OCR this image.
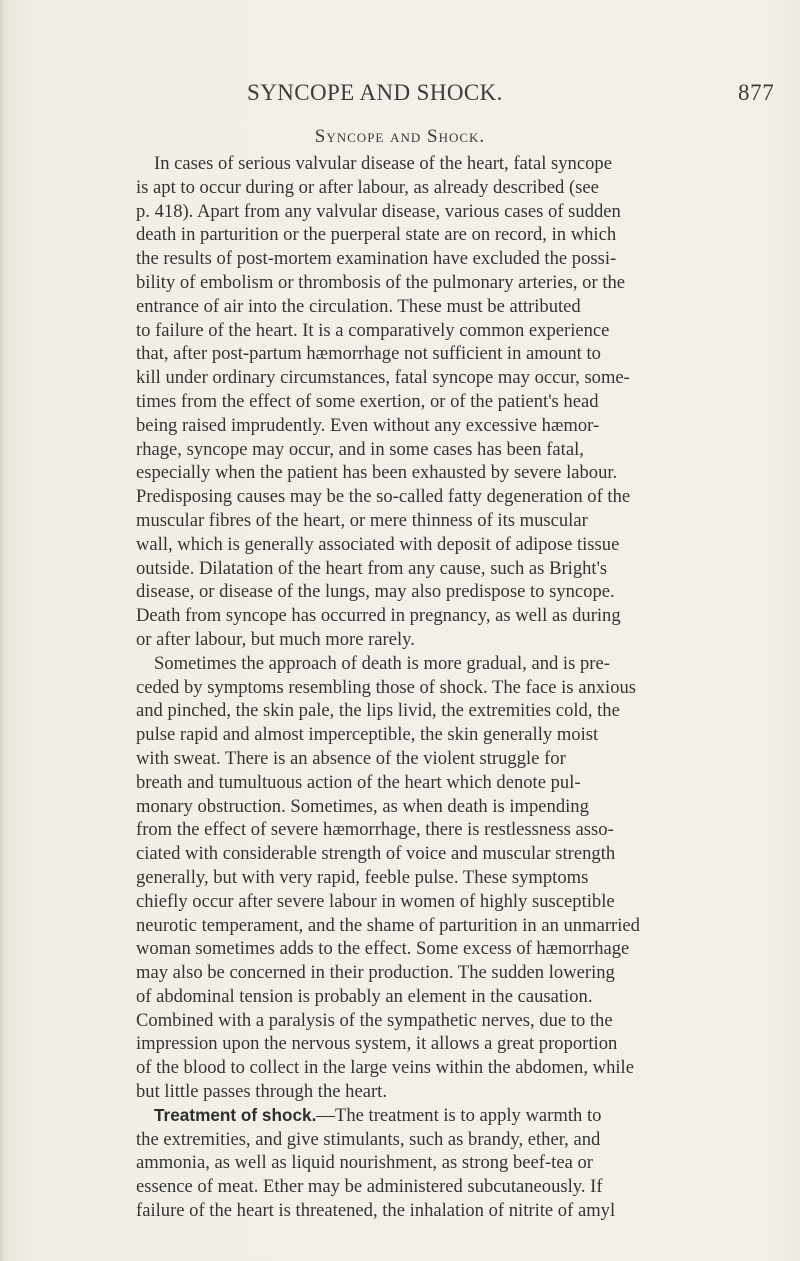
SYNCOPE AND SHOCK.	877
Syncope and Shock.
In cases of serious valvular disease of the heart, fatal syncope
is apt to occur during or after labour, as already described (see
p. 418). Apart from any valvular disease, various cases of sudden
death in parturition or the puerperal state are on record, in which
the results of post-mortem examination have excluded the possi-
bility of embolism or thrombosis of the pulmonary arteries, or the
entrance of air into the circulation. These must be attributed
to failure of the heart. It is a comparatively common experience
that, after post-partum hæmorrhage not sufficient in amount to
kill under ordinary circumstances, fatal syncope may occur, some-
times from the effect of some exertion, or of the patient's head
being raised imprudently. Even without any excessive hæmor-
rhage, syncope may occur, and in some cases has been fatal,
especially when the patient has been exhausted by severe labour.
Predisposing causes may be the so-called fatty degeneration of the
muscular fibres of the heart, or mere thinness of its muscular
wall, which is generally associated with deposit of adipose tissue
outside. Dilatation of the heart from any cause, such as Bright's
disease, or disease of the lungs, may also predispose to syncope.
Death from syncope has occurred in pregnancy, as well as during
or after labour, but much more rarely.
Sometimes the approach of death is more gradual, and is pre-
ceded by symptoms resembling those of shock. The face is anxious
and pinched, the skin pale, the lips livid, the extremities cold, the
pulse rapid and almost imperceptible, the skin generally moist
with sweat. There is an absence of the violent struggle for
breath and tumultuous action of the heart which denote pul-
monary obstruction. Sometimes, as when death is impending
from the effect of severe hæmorrhage, there is restlessness asso-
ciated with considerable strength of voice and muscular strength
generally, but with very rapid, feeble pulse. These symptoms
chiefly occur after severe labour in women of highly susceptible
neurotic temperament, and the shame of parturition in an unmarried
woman sometimes adds to the effect. Some excess of hæmorrhage
may also be concerned in their production. The sudden lowering
of abdominal tension is probably an element in the causation.
Combined with a paralysis of the sympathetic nerves, due to the
impression upon the nervous system, it allows a great proportion
of the blood to collect in the large veins within the abdomen, while
but little passes through the heart.
Treatment of shock.—The treatment is to apply warmth to
the extremities, and give stimulants, such as brandy, ether, and
ammonia, as well as liquid nourishment, as strong beef-tea or
essence of meat. Ether may be administered subcutaneously. If
failure of the heart is threatened, the inhalation of nitrite of amyl
